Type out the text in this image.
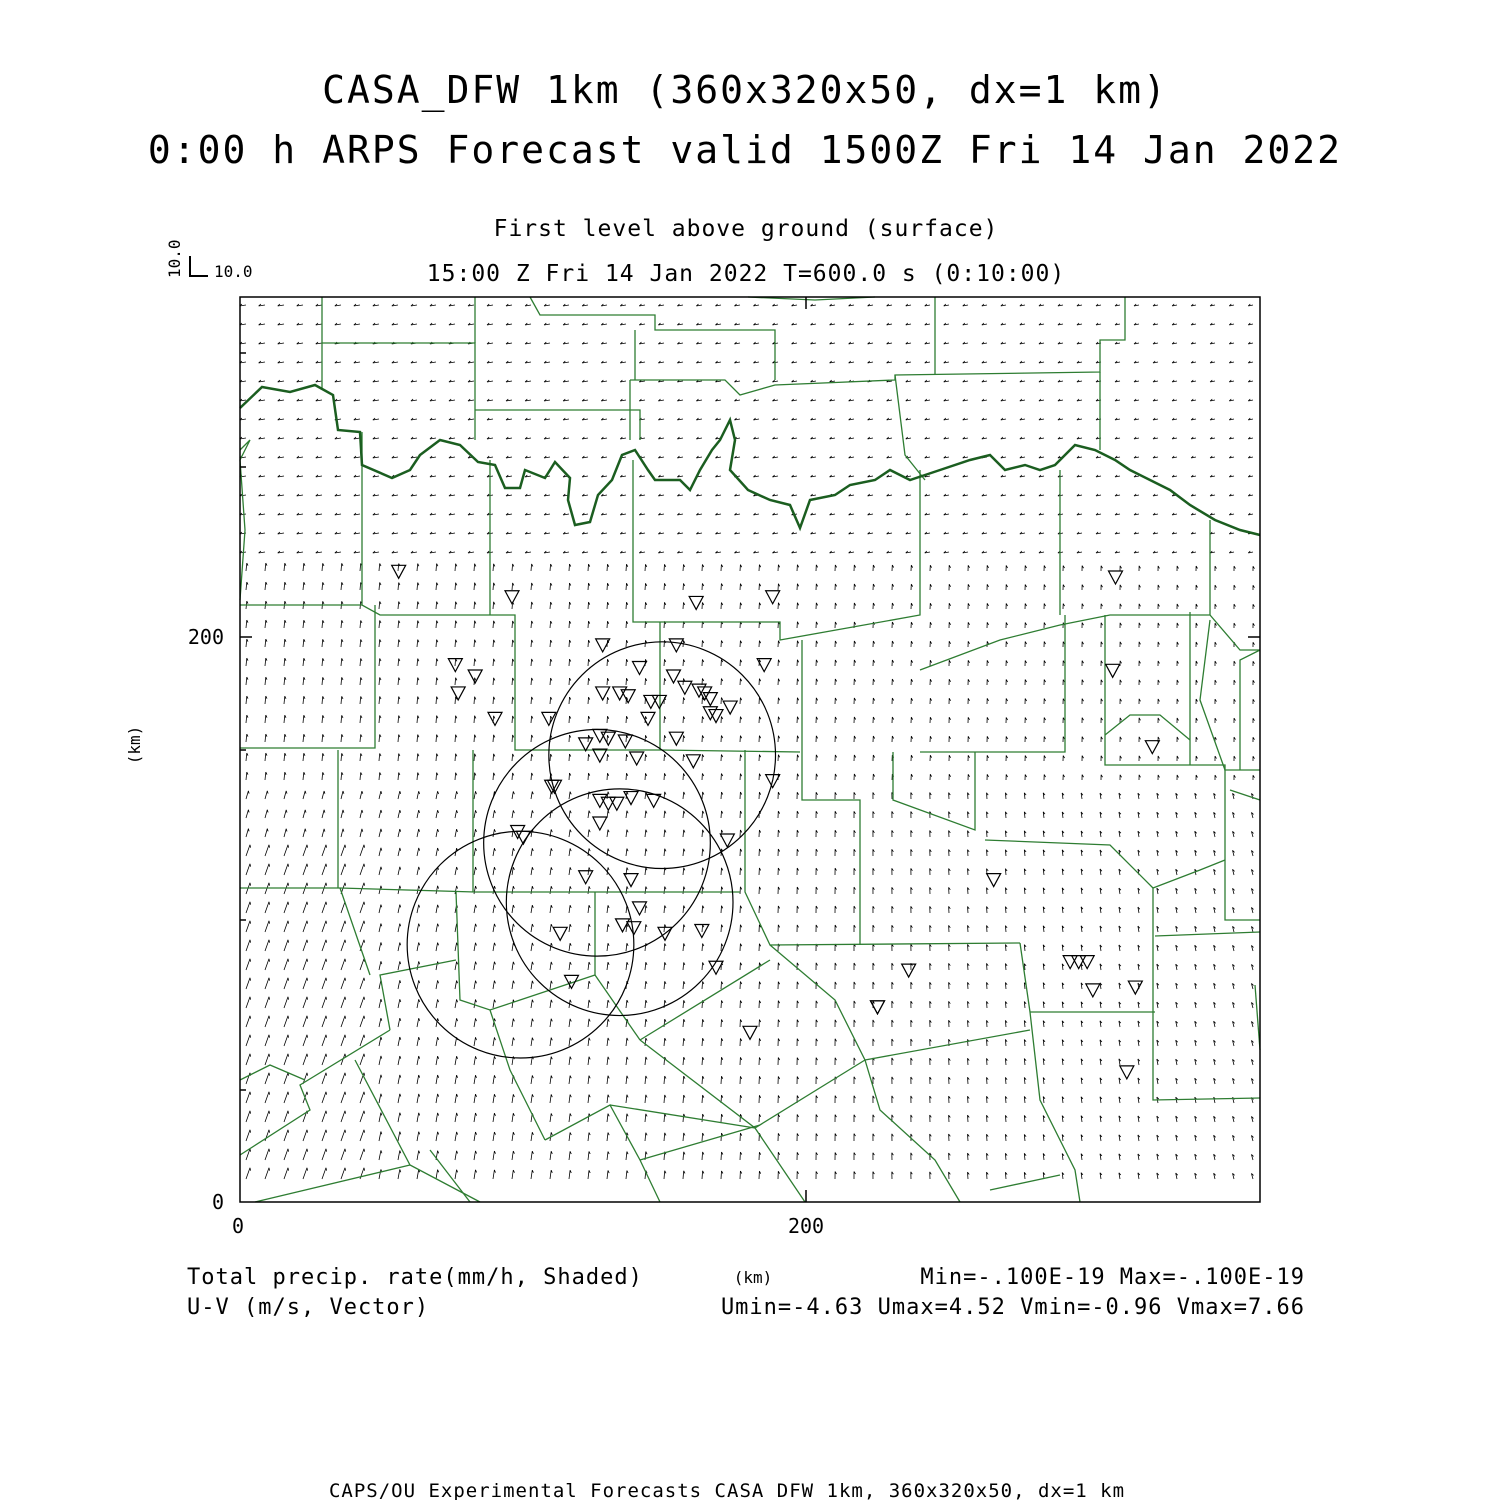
CASA_DFW 1km (360x320x50, dx=1 km)
0:00 h ARPS Forecast valid 1500Z Fri 14 Jan 2022
First level above ground (surface)
15:00 Z Fri 14 Jan 2022 T=600.0 s (0:10:00)
10.0
10.0
200
0
0	200
(km)
(km)
Total precip. rate(mm/h, Shaded)
U-V (m/s, Vector)
Min=-.100E-19 Max=-.100E-19
Umin=-4.63 Umax=4.52 Vmin=-0.96 Vmax=7.66
CAPS/OU Experimental Forecasts CASA DFW 1km, 360x320x50, dx=1 km
